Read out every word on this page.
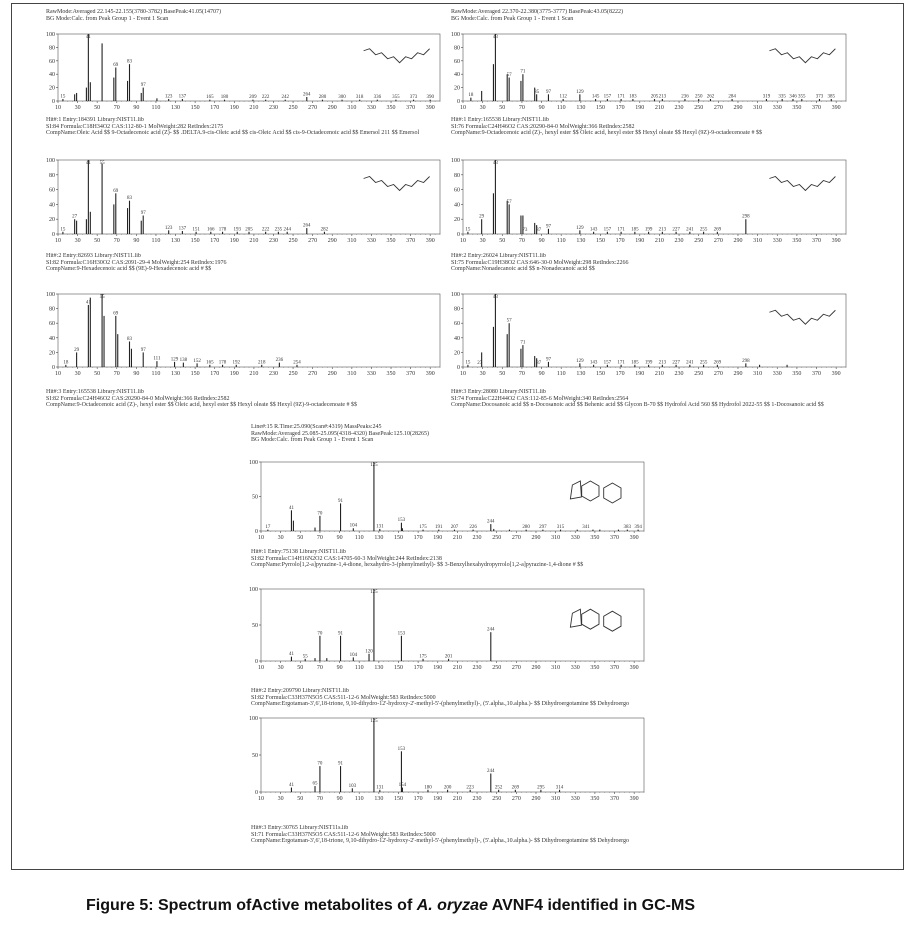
RawMode:Averaged 22.145-22.155(3780-3782) BasePeak:41.05(14707)
BG Mode:Calc. from Peak Group 1 - Event 1 Scan
0
20
40
60
80
100
10 30 50 70 90 110 130 150 170 190 210 230 250 270 290 310 330 350 370 390
15
41
69
83
97
123 137	165 180	209 222 242
264
280 300 318 336 355 373 390
Hit#:1 Entry:184391 Library:NIST11.lib
SI:84 Formula:C18H34O2 CAS:112-80-1 MolWeight:282 RetIndex:2175
CompName:Oleic Acid $$ 9-Octadecenoic acid (Z)- $$ .DELTA.9-cis-Oleic acid $$ cis-Oleic Acid $$ cis-9-Octadecenoic acid $$ Emersol 211 $$ Emersol
0
20
40
60
80
100
10 30 50 70 90 110 130 150 170 190 210 230 250 270 290 310 330 350 370 390
15
27
41 55
69
83
97
123 137 151 166 178 193 205 222 235 244
264
282
Hit#:2 Entry:82693 Library:NIST11.lib
SI:82 Formula:C16H30O2 CAS:2091-29-4 MolWeight:254 RetIndex:1976
CompName:9-Hexadecenoic acid $$ (9E)-9-Hexadecenoic acid # $$
0
20
40
60
80
100
10 30 50 70 90 110 130 150 170 190 210 230 250 270 290 310 330 350 370 390
18
29
41
55
69
83
97
111 129 138 152 165 178 192	218 236 254
Hit#:3 Entry:165538 Library:NIST11.lib
SI:82 Formula:C24H46O2 CAS:20290-84-0 MolWeight:366 RetIndex:2582
CompName:9-Octadecenoic acid (Z)-, hexyl ester $$ Oleic acid, hexyl ester $$ Hexyl oleate $$ Hexyl (9Z)-9-octadecenoate # $$
RawMode:Averaged 22.370-22.380(3775-3777) BasePeak:43.05(8222)
BG Mode:Calc. from Peak Group 1 - Event 1 Scan
0
20
40
60
80
100
10 30 50 70 90 110 130 150 170 190 210 230 250 270 290 310 330 350 370 390
18
43
57
71
85 97
112
129
145 157 171 183	205 213	236 250 262	284	319 335 346 355 373 385
Hit#:1 Entry:165538 Library:NIST11.lib
SI:76 Formula:C24H46O2 CAS:20290-84-0 MolWeight:366 RetIndex:2582
CompName:9-Octadecenoic acid (Z)-, hexyl ester $$ Oleic acid, hexyl ester $$ Hexyl oleate $$ Hexyl (9Z)-9-octadecenoate # $$
0
20
40
60
80
100
10 30 50 70 90 110 130 150 170 190 210 230 250 270 290 310 330 350 370 390
15
29
43
57
73 87
97	129 143 157 171 185 199 213 227 241 255 269
298
Hit#:2 Entry:26024 Library:NIST11.lib
SI:75 Formula:C19H38O2 CAS:646-30-0 MolWeight:298 RetIndex:2266
CompName:Nonadecanoic acid $$ n-Nonadecanoic acid $$
0
20
40
60
80
100
10 30 50 70 90 110 130 150 170 190 210 230 250 270 290 310 330 350 370 390
15 27
43
57
71
87
97	129 143 157 171 185 199 213 227 241 255 269	298
Hit#:3 Entry:28080 Library:NIST11.lib
SI:74 Formula:C22H44O2 CAS:112-85-6 MolWeight:340 RetIndex:2564
CompName:Docosanoic acid $$ n-Docosanoic acid $$ Behenic acid $$ Glycon B-70 $$ Hydrofol Acid 560 $$ Hydrofol 2022-55 $$ 1-Docosanoic acid $$
Line#:15 R.Time:25.090(Scan#:4319) MassPeaks:245
RawMode:Averaged 25.085-25.095(4318-4320) BasePeak:125.10(28265)
BG Mode:Calc. from Peak Group 1 - Event 1 Scan
0
50
100
10 30 50 70 90 110 130 150 170 190 210 230 250 270 290 310 330 350 370 390
17
41
70
91
104
125
131
153
175 191 207 226
244
280 297 315	341	383 394
Hit#:1 Entry:75138 Library:NIST11.lib
SI:82 Formula:C14H16N2O2 CAS:14705-60-3 MolWeight:244 RetIndex:2138
CompName:Pyrrolo[1,2-a]pyrazine-1,4-dione, hexahydro-3-(phenylmethyl)- $$ 3-Benzylhexahydropyrrolo[1,2-a]pyrazine-1,4-dione # $$
0
50
100
10 30 50 70 90 110 130 150 170 190 210 230 250 270 290 310 330 350 370 390
41 55
70	91
104
120
125
153
175	201
244
Hit#:2 Entry:209790 Library:NIST11.lib
SI:82 Formula:C33H37N5O5 CAS:511-12-6 MolWeight:583 RetIndex:5000
CompName:Ergotaman-3',6',18-trione, 9,10-dihydro-12'-hydroxy-2'-methyl-5'-(phenylmethyl)-, (5'.alpha.,10.alpha.)- $$ Dihydroergotamine $$ Dehydroergo
0
50
100
10 30 50 70 90 110 130 150 170 190 210 230 250 270 290 310 330 350 370 390
41	65
70	91
103
125
131
153
154	180 200	223
244
252 269	295 314
Hit#:3 Entry:30765 Library:NIST11s.lib
SI:71 Formula:C33H37N5O5 CAS:511-12-6 MolWeight:583 RetIndex:5000
CompName:Ergotaman-3',6',18-trione, 9,10-dihydro-12'-hydroxy-2'-methyl-5'-(phenylmethyl)-, (5'.alpha.,10.alpha.)- $$ Dihydroergotamine $$ Dehydroergo
Figure 5: Spectrum ofActive metabolites of A. oryzae AVNF4 identified in GC-MS
